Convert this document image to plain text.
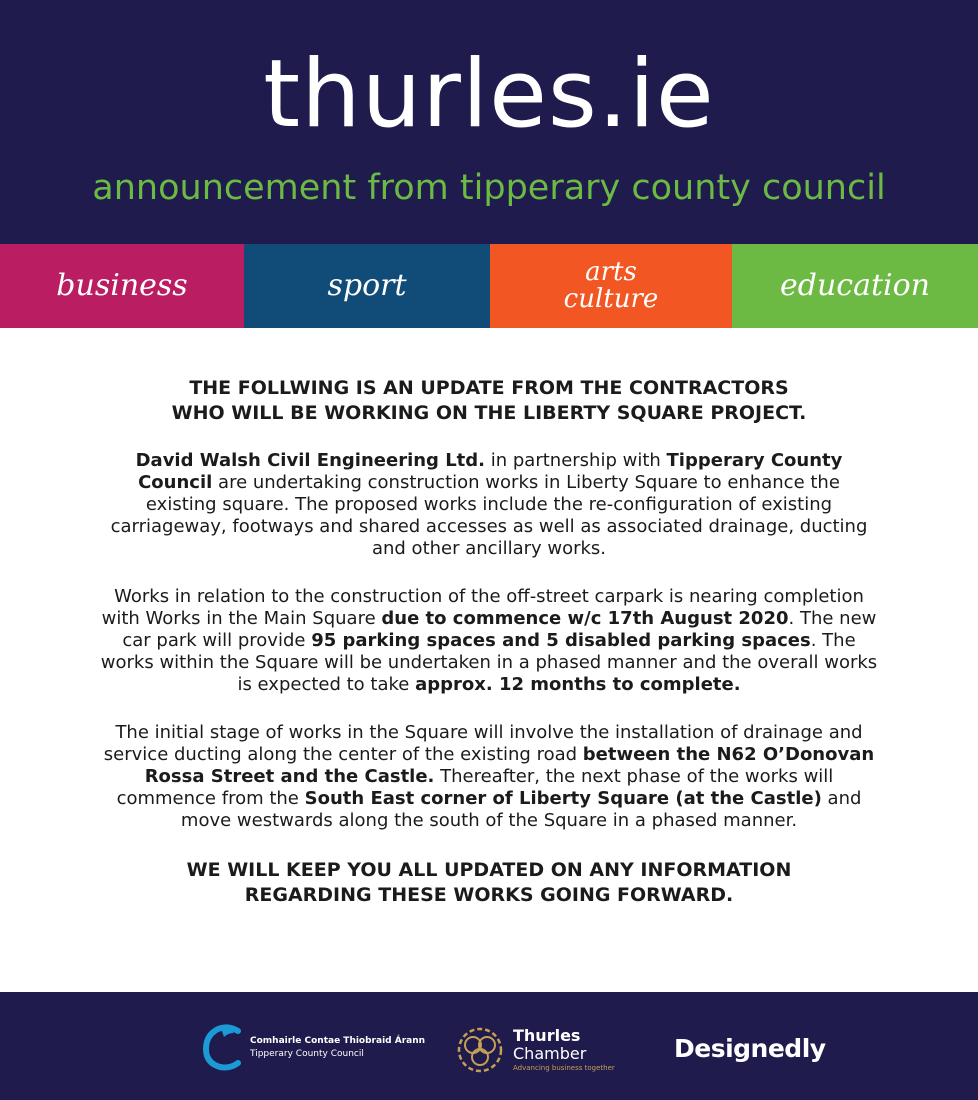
thurles.ie
announcement from tipperary county council
business	sport	arts
culture	education

THE FOLLWING IS AN UPDATE FROM THE CONTRACTORS
WHO WILL BE WORKING ON THE LIBERTY SQUARE PROJECT.

David Walsh Civil Engineering Ltd. in partnership with Tipperary County Council are undertaking construction works in Liberty Square to enhance the existing square. The proposed works include the re-configuration of existing carriageway, footways and shared accesses as well as associated drainage, ducting and other ancillary works.

Works in relation to the construction of the off-street carpark is nearing completion with Works in the Main Square due to commence w/c 17th August 2020. The new car park will provide 95 parking spaces and 5 disabled parking spaces. The works within the Square will be undertaken in a phased manner and the overall works is expected to take approx. 12 months to complete.

The initial stage of works in the Square will involve the installation of drainage and service ducting along the center of the existing road between the N62 O’Donovan Rossa Street and the Castle. Thereafter, the next phase of the works will commence from the South East corner of Liberty Square (at the Castle) and move westwards along the south of the Square in a phased manner.

WE WILL KEEP YOU ALL UPDATED ON ANY INFORMATION
REGARDING THESE WORKS GOING FORWARD.

Comhairle Contae Thiobraid Árann
Tipperary County Council
Thurles
Chamber
Advancing business together
Designedly
